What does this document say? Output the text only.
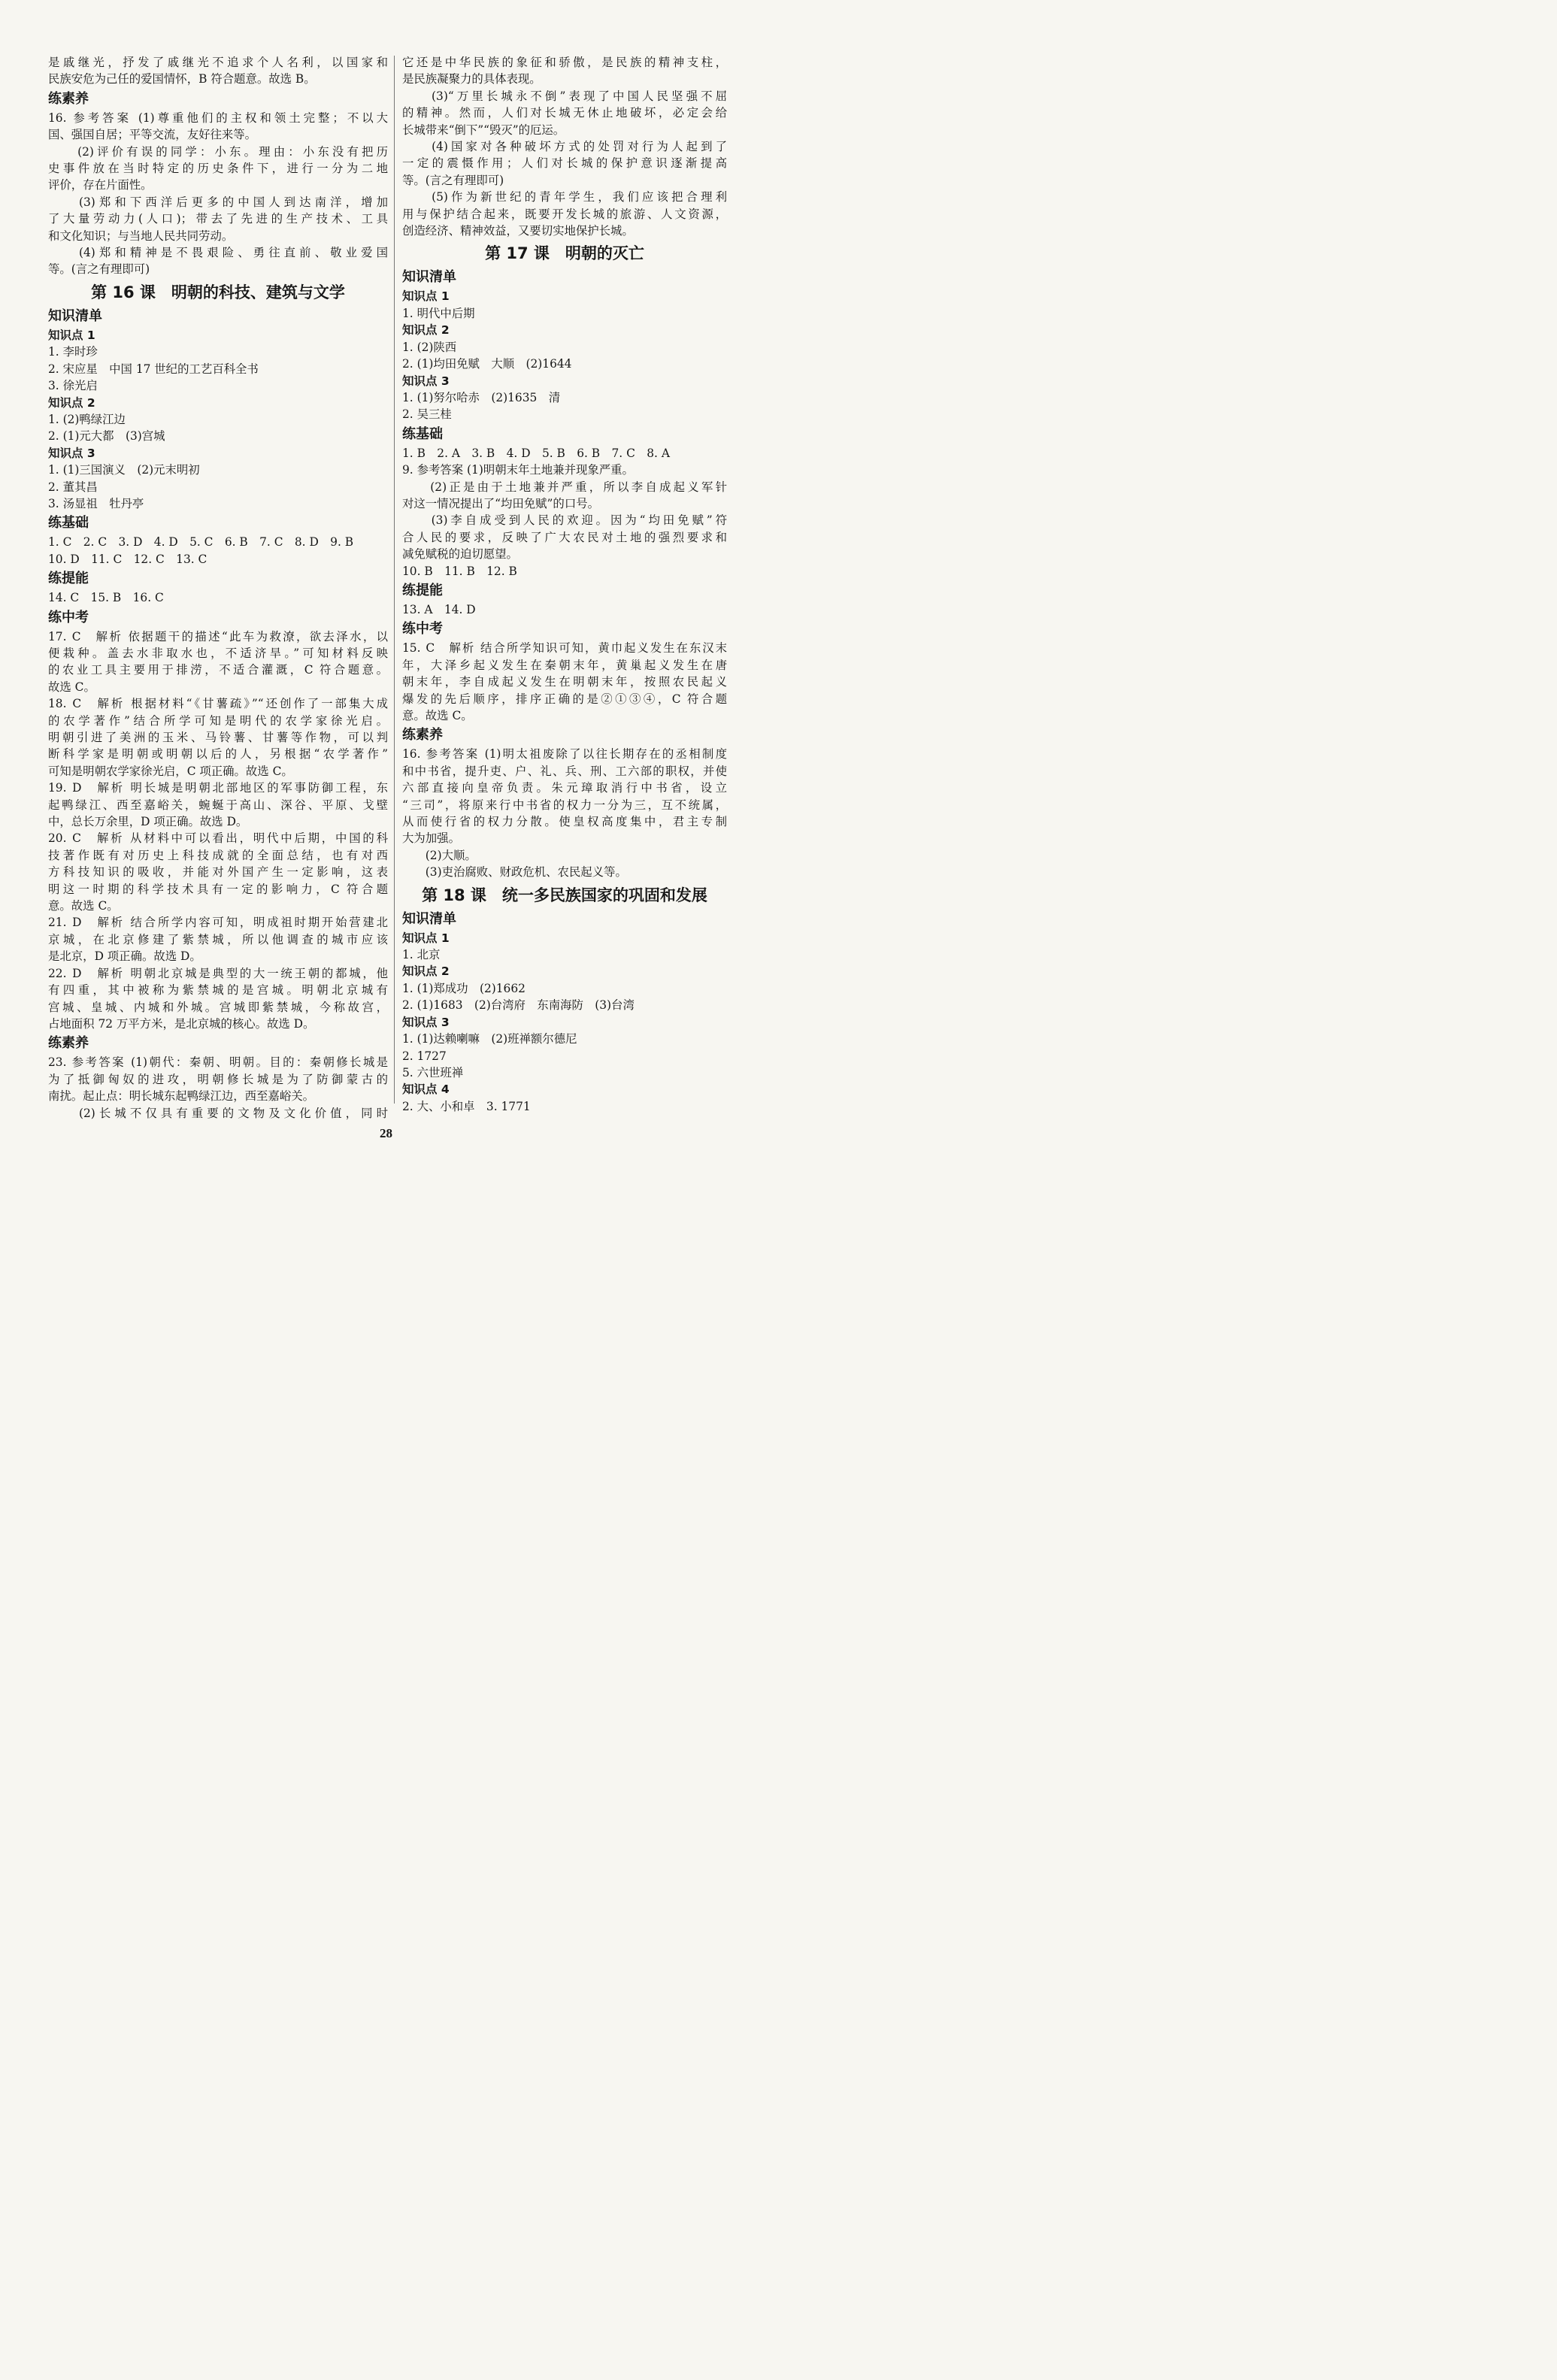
是戚继光，抒发了戚继光不追求个人名利，以国家和
民族安危为己任的爱国情怀，B 符合题意。故选 B。
练素养
16. 参考答案 (1)尊重他们的主权和领土完整；不以大
国、强国自居；平等交流，友好往来等。
　　(2)评价有误的同学：小东。理由：小东没有把历
史事件放在当时特定的历史条件下，进行一分为二地
评价，存在片面性。
　　(3)郑和下西洋后更多的中国人到达南洋，增加
了大量劳动力(人口)；带去了先进的生产技术、工具
和文化知识；与当地人民共同劳动。
　　(4)郑和精神是不畏艰险、勇往直前、敬业爱国
等。(言之有理即可)
第 16 课　明朝的科技、建筑与文学
知识清单
知识点 1
1. 李时珍
2. 宋应星　中国 17 世纪的工艺百科全书
3. 徐光启
知识点 2
1. (2)鸭绿江边
2. (1)元大都　(3)宫城
知识点 3
1. (1)三国演义　(2)元末明初
2. 董其昌
3. 汤显祖　牡丹亭
练基础
1. C　2. C　3. D　4. D　5. C　6. B　7. C　8. D　9. B
10. D　11. C　12. C　13. C
练提能
14. C　15. B　16. C
练中考
17. C　解析 依据题干的描述“此车为救潦，欲去泽水，以
便栽种。盖去水非取水也，不适济旱。”可知材料反映
的农业工具主要用于排涝，不适合灌溉，C 符合题意。
故选 C。
18. C　解析 根据材料“《甘薯疏》”“还创作了一部集大成
的农学著作”结合所学可知是明代的农学家徐光启。
明朝引进了美洲的玉米、马铃薯、甘薯等作物，可以判
断科学家是明朝或明朝以后的人，另根据“农学著作”
可知是明朝农学家徐光启，C 项正确。故选 C。
19. D　解析 明长城是明朝北部地区的军事防御工程，东
起鸭绿江、西至嘉峪关，蜿蜒于高山、深谷、平原、戈壁
中，总长万余里，D 项正确。故选 D。
20. C　解析 从材料中可以看出，明代中后期，中国的科
技著作既有对历史上科技成就的全面总结，也有对西
方科技知识的吸收，并能对外国产生一定影响，这表
明这一时期的科学技术具有一定的影响力，C 符合题
意。故选 C。
21. D　解析 结合所学内容可知，明成祖时期开始营建北
京城，在北京修建了紫禁城，所以他调查的城市应该
是北京，D 项正确。故选 D。
22. D　解析 明朝北京城是典型的大一统王朝的都城，他
有四重，其中被称为紫禁城的是宫城。明朝北京城有
宫城、皇城、内城和外城。宫城即紫禁城，今称故宫，
占地面积 72 万平方米，是北京城的核心。故选 D。
练素养
23. 参考答案 (1)朝代：秦朝、明朝。目的：秦朝修长城是
为了抵御匈奴的进攻，明朝修长城是为了防御蒙古的
南扰。起止点：明长城东起鸭绿江边，西至嘉峪关。
　　(2)长城不仅具有重要的文物及文化价值，同时
它还是中华民族的象征和骄傲，是民族的精神支柱，
是民族凝聚力的具体表现。
　　(3)“万里长城永不倒”表现了中国人民坚强不屈
的精神。然而，人们对长城无休止地破坏，必定会给
长城带来“倒下”“毁灭”的厄运。
　　(4)国家对各种破坏方式的处罚对行为人起到了
一定的震慑作用；人们对长城的保护意识逐渐提高
等。(言之有理即可)
　　(5)作为新世纪的青年学生，我们应该把合理利
用与保护结合起来，既要开发长城的旅游、人文资源，
创造经济、精神效益，又要切实地保护长城。
第 17 课　明朝的灭亡
知识清单
知识点 1
1. 明代中后期
知识点 2
1. (2)陕西
2. (1)均田免赋　大顺　(2)1644
知识点 3
1. (1)努尔哈赤　(2)1635　清
2. 吴三桂
练基础
1. B　2. A　3. B　4. D　5. B　6. B　7. C　8. A
9. 参考答案 (1)明朝末年土地兼并现象严重。
　　(2)正是由于土地兼并严重，所以李自成起义军针
对这一情况提出了“均田免赋”的口号。
　　(3)李自成受到人民的欢迎。因为“均田免赋”符
合人民的要求，反映了广大农民对土地的强烈要求和
减免赋税的迫切愿望。
10. B　11. B　12. B
练提能
13. A　14. D
练中考
15. C　解析 结合所学知识可知，黄巾起义发生在东汉末
年，大泽乡起义发生在秦朝末年，黄巢起义发生在唐
朝末年，李自成起义发生在明朝末年，按照农民起义
爆发的先后顺序，排序正确的是②①③④，C 符合题
意。故选 C。
练素养
16. 参考答案 (1)明太祖废除了以往长期存在的丞相制度
和中书省，提升吏、户、礼、兵、刑、工六部的职权，并使
六部直接向皇帝负责。朱元璋取消行中书省，设立
“三司”，将原来行中书省的权力一分为三，互不统属，
从而使行省的权力分散。使皇权高度集中，君主专制
大为加强。
　　(2)大顺。
　　(3)吏治腐败、财政危机、农民起义等。
第 18 课　统一多民族国家的巩固和发展
知识清单
知识点 1
1. 北京
知识点 2
1. (1)郑成功　(2)1662
2. (1)1683　(2)台湾府　东南海防　(3)台湾
知识点 3
1. (1)达赖喇嘛　(2)班禅额尔德尼
2. 1727
5. 六世班禅
知识点 4
2. 大、小和卓　3. 1771
28
